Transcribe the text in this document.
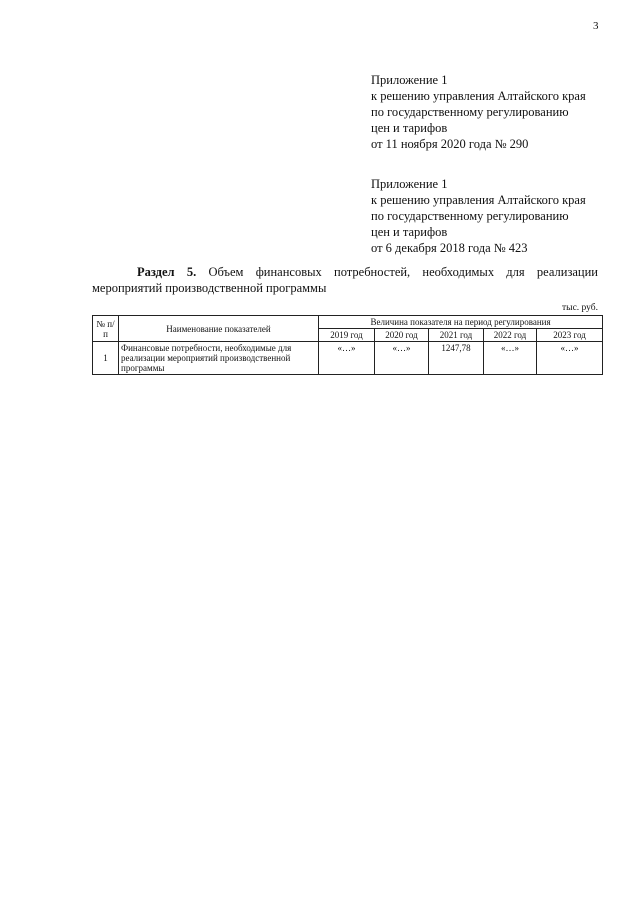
3
Приложение 1
к решению управления Алтайского края
по государственному регулированию
цен и тарифов
от 11 ноября 2020 года № 290
Приложение 1
к решению управления Алтайского края
по государственному регулированию
цен и тарифов
от 6 декабря 2018 года № 423
Раздел 5. Объем финансовых потребностей, необходимых для реализации мероприятий производственной программы
тыс. руб.
№ п/п	Наименование показателей	Величина показателя на период регулирования				
		2019 год	2020 год	2021 год	2022 год	2023 год
1	Финансовые потребности, необходимые для реализации мероприятий производственной программы	«…»	«…»	1247,78	«…»	«…»
